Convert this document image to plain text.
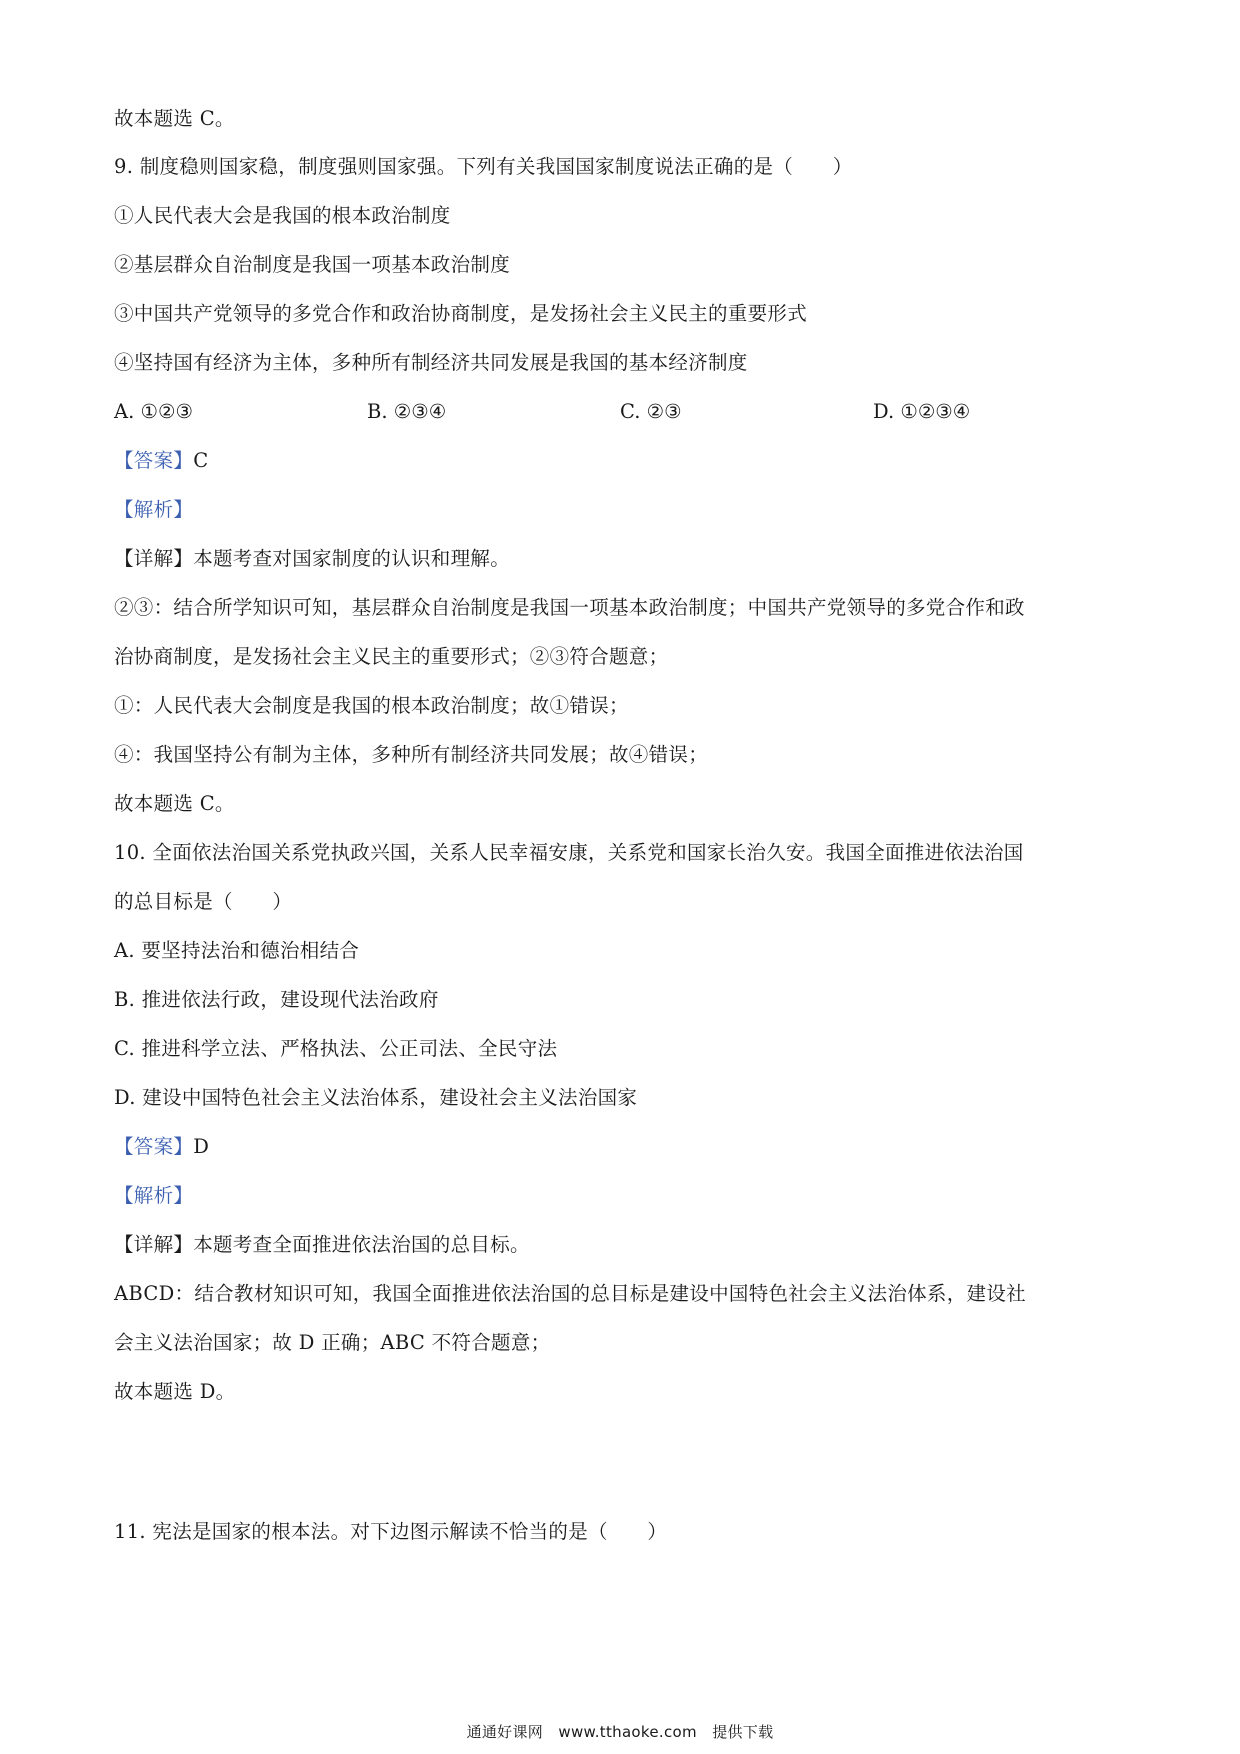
故本题选 C。
9. 制度稳则国家稳，制度强则国家强。下列有关我国国家制度说法正确的是（　　）
①人民代表大会是我国的根本政治制度
②基层群众自治制度是我国一项基本政治制度
③中国共产党领导的多党合作和政治协商制度，是发扬社会主义民主的重要形式
④坚持国有经济为主体，多种所有制经济共同发展是我国的基本经济制度
A. ①②③	B. ②③④	C. ②③	D. ①②③④
【答案】C
【解析】
【详解】本题考查对国家制度的认识和理解。
②③：结合所学知识可知，基层群众自治制度是我国一项基本政治制度；中国共产党领导的多党合作和政
治协商制度，是发扬社会主义民主的重要形式；②③符合题意；
①：人民代表大会制度是我国的根本政治制度；故①错误；
④：我国坚持公有制为主体，多种所有制经济共同发展；故④错误；
故本题选 C。
10. 全面依法治国关系党执政兴国，关系人民幸福安康，关系党和国家长治久安。我国全面推进依法治国
的总目标是（　　）
A. 要坚持法治和德治相结合
B. 推进依法行政，建设现代法治政府
C. 推进科学立法、严格执法、公正司法、全民守法
D. 建设中国特色社会主义法治体系，建设社会主义法治国家
【答案】D
【解析】
【详解】本题考查全面推进依法治国的总目标。
ABCD：结合教材知识可知，我国全面推进依法治国的总目标是建设中国特色社会主义法治体系，建设社
会主义法治国家；故 D 正确；ABC 不符合题意；
故本题选 D。
11. 宪法是国家的根本法。对下边图示解读不恰当的是（　　）
通通好课网　www.tthaoke.com　提供下载
